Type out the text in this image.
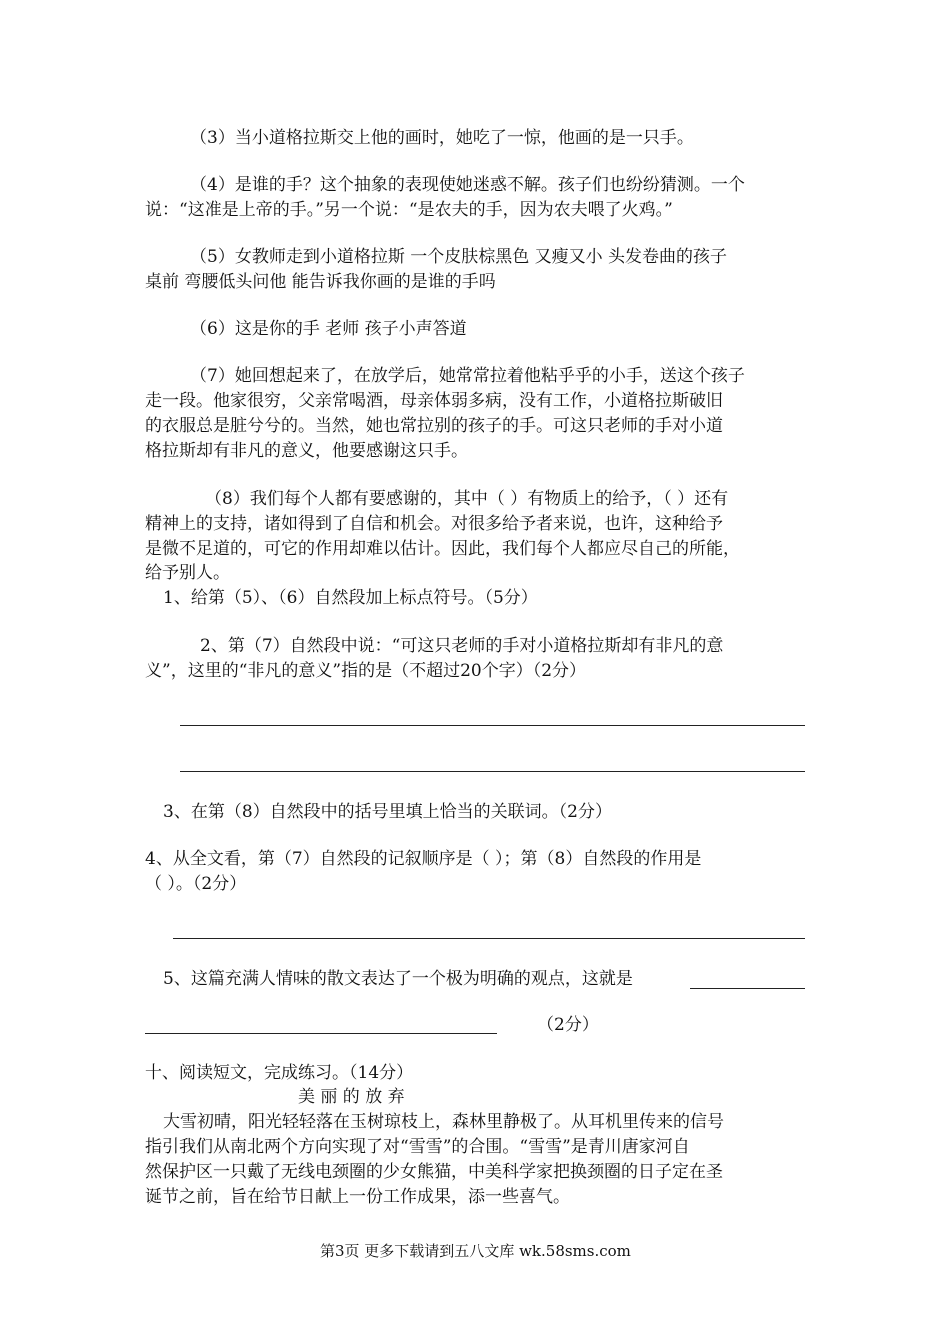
（3）当小道格拉斯交上他的画时，她吃了一惊，他画的是一只手。
（4）是谁的手？这个抽象的表现使她迷惑不解。孩子们也纷纷猜测。一个
说：“这准是上帝的手。”另一个说：“是农夫的手，因为农夫喂了火鸡。”
（5）女教师走到小道格拉斯 一个皮肤棕黑色 又瘦又小 头发卷曲的孩子
桌前 弯腰低头问他 能告诉我你画的是谁的手吗
（6）这是你的手 老师 孩子小声答道
（7）她回想起来了，在放学后，她常常拉着他粘乎乎的小手，送这个孩子
走一段。他家很穷，父亲常喝酒，母亲体弱多病，没有工作，小道格拉斯破旧
的衣服总是脏兮兮的。当然，她也常拉别的孩子的手。可这只老师的手对小道
格拉斯却有非凡的意义，他要感谢这只手。
（8）我们每个人都有要感谢的，其中（ ）有物质上的给予，（ ）还有
精神上的支持，诸如得到了自信和机会。对很多给予者来说，也许，这种给予
是微不足道的，可它的作用却难以估计。因此，我们每个人都应尽自己的所能，
给予别人。
1、给第（5）、（6）自然段加上标点符号。（5分）
2、第（7）自然段中说：“可这只老师的手对小道格拉斯却有非凡的意
义”，这里的“非凡的意义”指的是（不超过20个字）（2分）
3、在第（8）自然段中的括号里填上恰当的关联词。（2分）
4、从全文看，第（7）自然段的记叙顺序是（ ）；第（8）自然段的作用是
（ ）。（2分）
5、这篇充满人情味的散文表达了一个极为明确的观点，这就是
（2分）
十、阅读短文，完成练习。（14分）
美 丽 的 放 弃
大雪初晴，阳光轻轻落在玉树琼枝上，森林里静极了。从耳机里传来的信号
指引我们从南北两个方向实现了对“雪雪”的合围。“雪雪”是青川唐家河自
然保护区一只戴了无线电颈圈的少女熊猫，中美科学家把换颈圈的日子定在圣
诞节之前，旨在给节日献上一份工作成果，添一些喜气。
第3页 更多下载请到五八文库 wk.58sms.com
